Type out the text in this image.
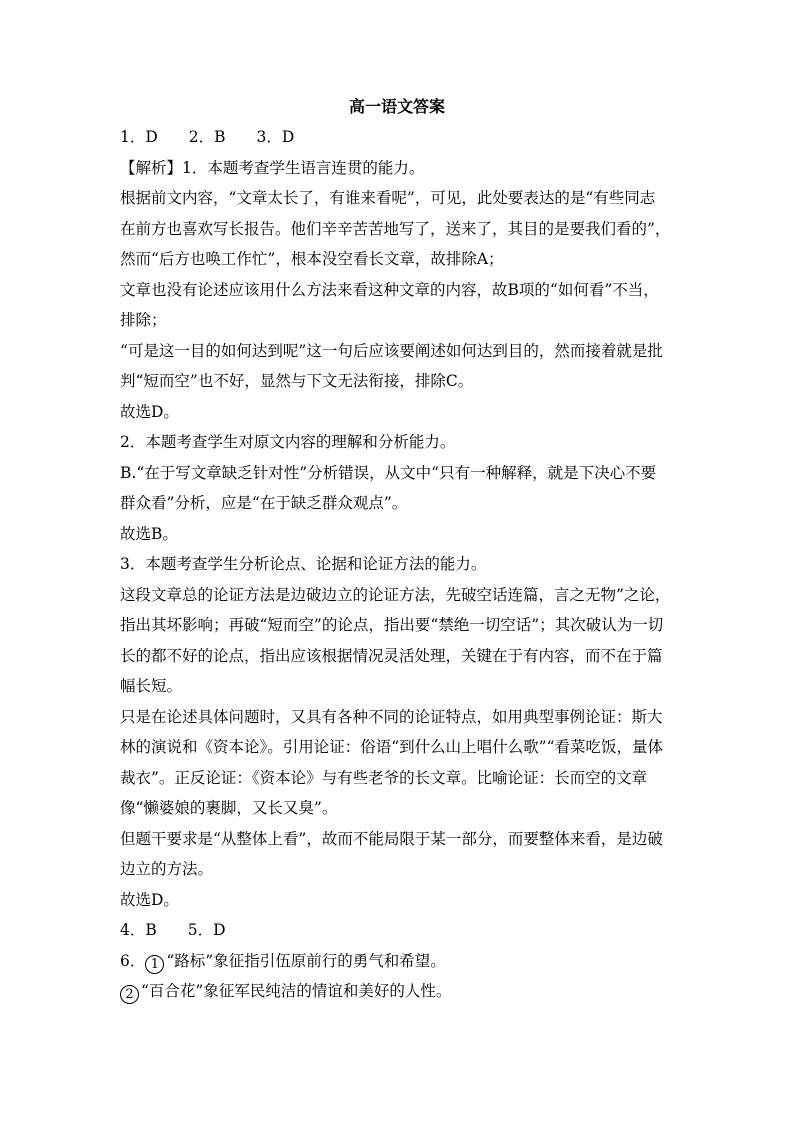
高一语文答案
1．D　　2．B　　3．D
【解析】1．本题考查学生语言连贯的能力。
根据前文内容，“文章太长了，有谁来看呢”，可见，此处要表达的是“有些同志
在前方也喜欢写长报告。他们辛辛苦苦地写了，送来了，其目的是要我们看的”，
然而“后方也唤工作忙”，根本没空看长文章，故排除A；
文章也没有论述应该用什么方法来看这种文章的内容，故B项的“如何看”不当，
排除；
“可是这一目的如何达到呢”这一句后应该要阐述如何达到目的，然而接着就是批
判“短而空”也不好，显然与下文无法衔接，排除C。
故选D。
2．本题考查学生对原文内容的理解和分析能力。
B.“在于写文章缺乏针对性”分析错误，从文中“只有一种解释，就是下决心不要
群众看”分析，应是“在于缺乏群众观点”。
故选B。
3．本题考查学生分析论点、论据和论证方法的能力。
这段文章总的论证方法是边破边立的论证方法，先破空话连篇，言之无物”之论，
指出其坏影响；再破“短而空”的论点，指出要“禁绝一切空话”；其次破认为一切
长的都不好的论点，指出应该根据情况灵活处理，关键在于有内容，而不在于篇
幅长短。
只是在论述具体问题时，又具有各种不同的论证特点，如用典型事例论证：斯大
林的演说和《资本论》。引用论证：俗语“到什么山上唱什么歌”“看菜吃饭，量体
裁衣”。正反论证：《资本论》与有些老爷的长文章。比喻论证：长而空的文章
像“懒婆娘的裹脚，又长又臭”。
但题干要求是“从整体上看”，故而不能局限于某一部分，而要整体来看，是边破
边立的方法。
故选D。
4．B　　5．D
6． 1 “路标”象征指引伍原前行的勇气和希望。
2 “百合花”象征军民纯洁的情谊和美好的人性。
